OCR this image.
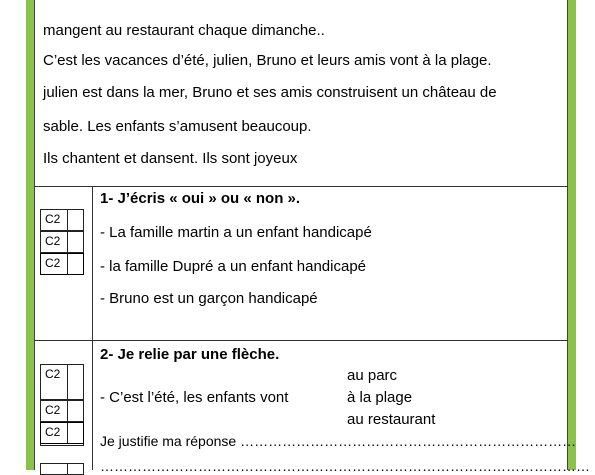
mangent au restaurant chaque dimanche..
C’est les vacances d’été, julien, Bruno et leurs amis vont à la plage.
julien est dans la mer, Bruno et ses amis construisent un château de
sable. Les enfants s’amusent beaucoup.
Ils chantent et dansent. Ils sont joyeux
1- J’écris « oui » ou « non ».
C2
C2
C2
- La famille martin a un enfant handicapé
- la famille Dupré a un enfant handicapé
- Bruno est un garçon handicapé
2- Je relie par une flèche.
C2
C2
C2
au parc
- C’est l’été, les enfants vont	à la plage
au restaurant
Je justifie ma réponse ………………………………………………………………
……………………………………………………………………………………………
